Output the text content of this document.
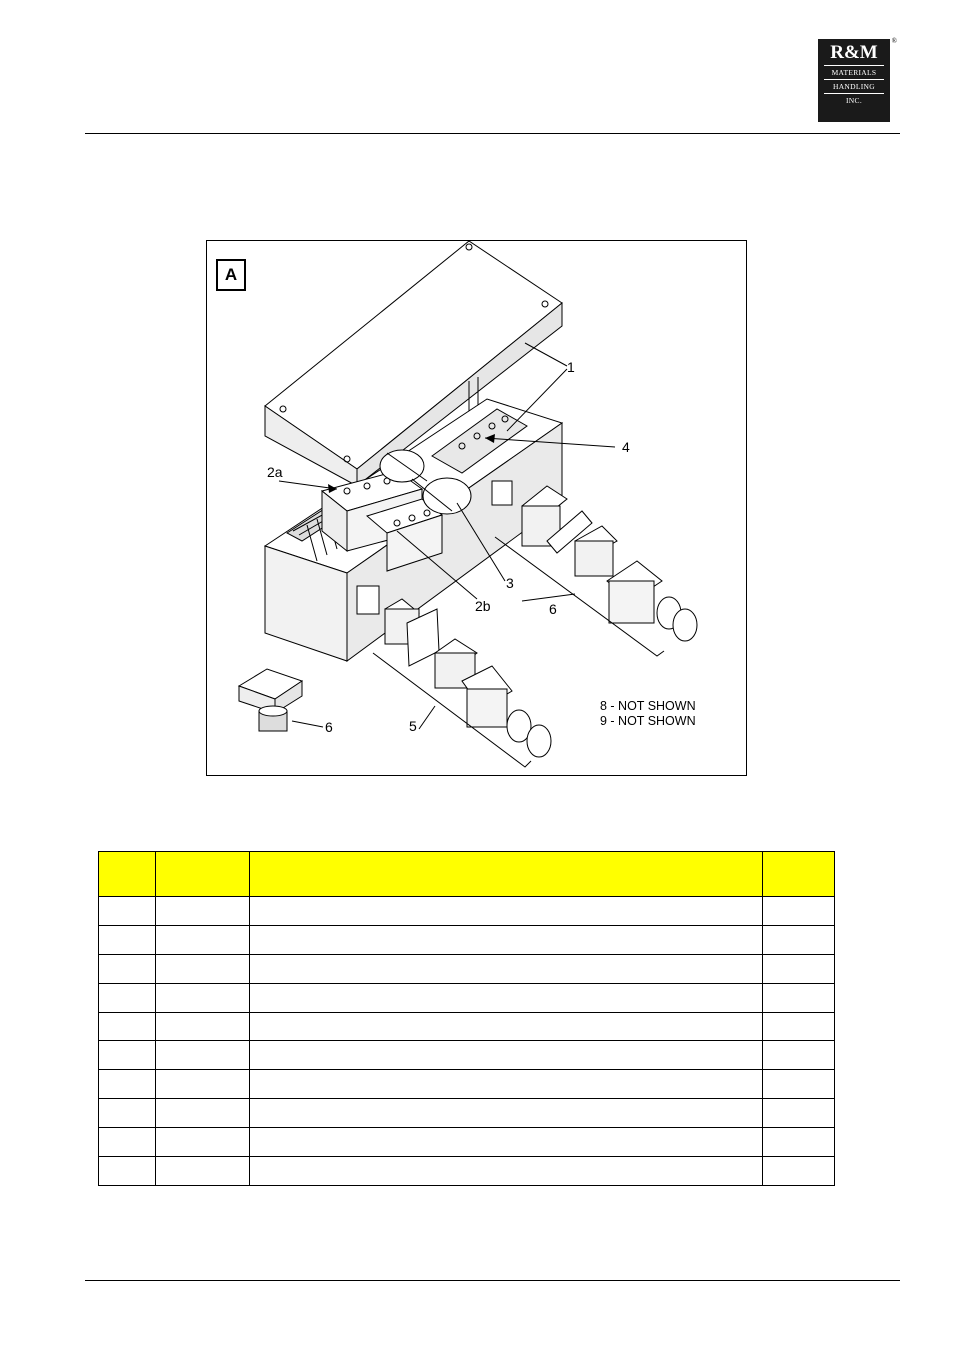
R&M
MATERIALS
HANDLING
INC.
®
A
1
2a
2b
3
4
5
6
6
8 - NOT SHOWN
9 - NOT SHOWN
